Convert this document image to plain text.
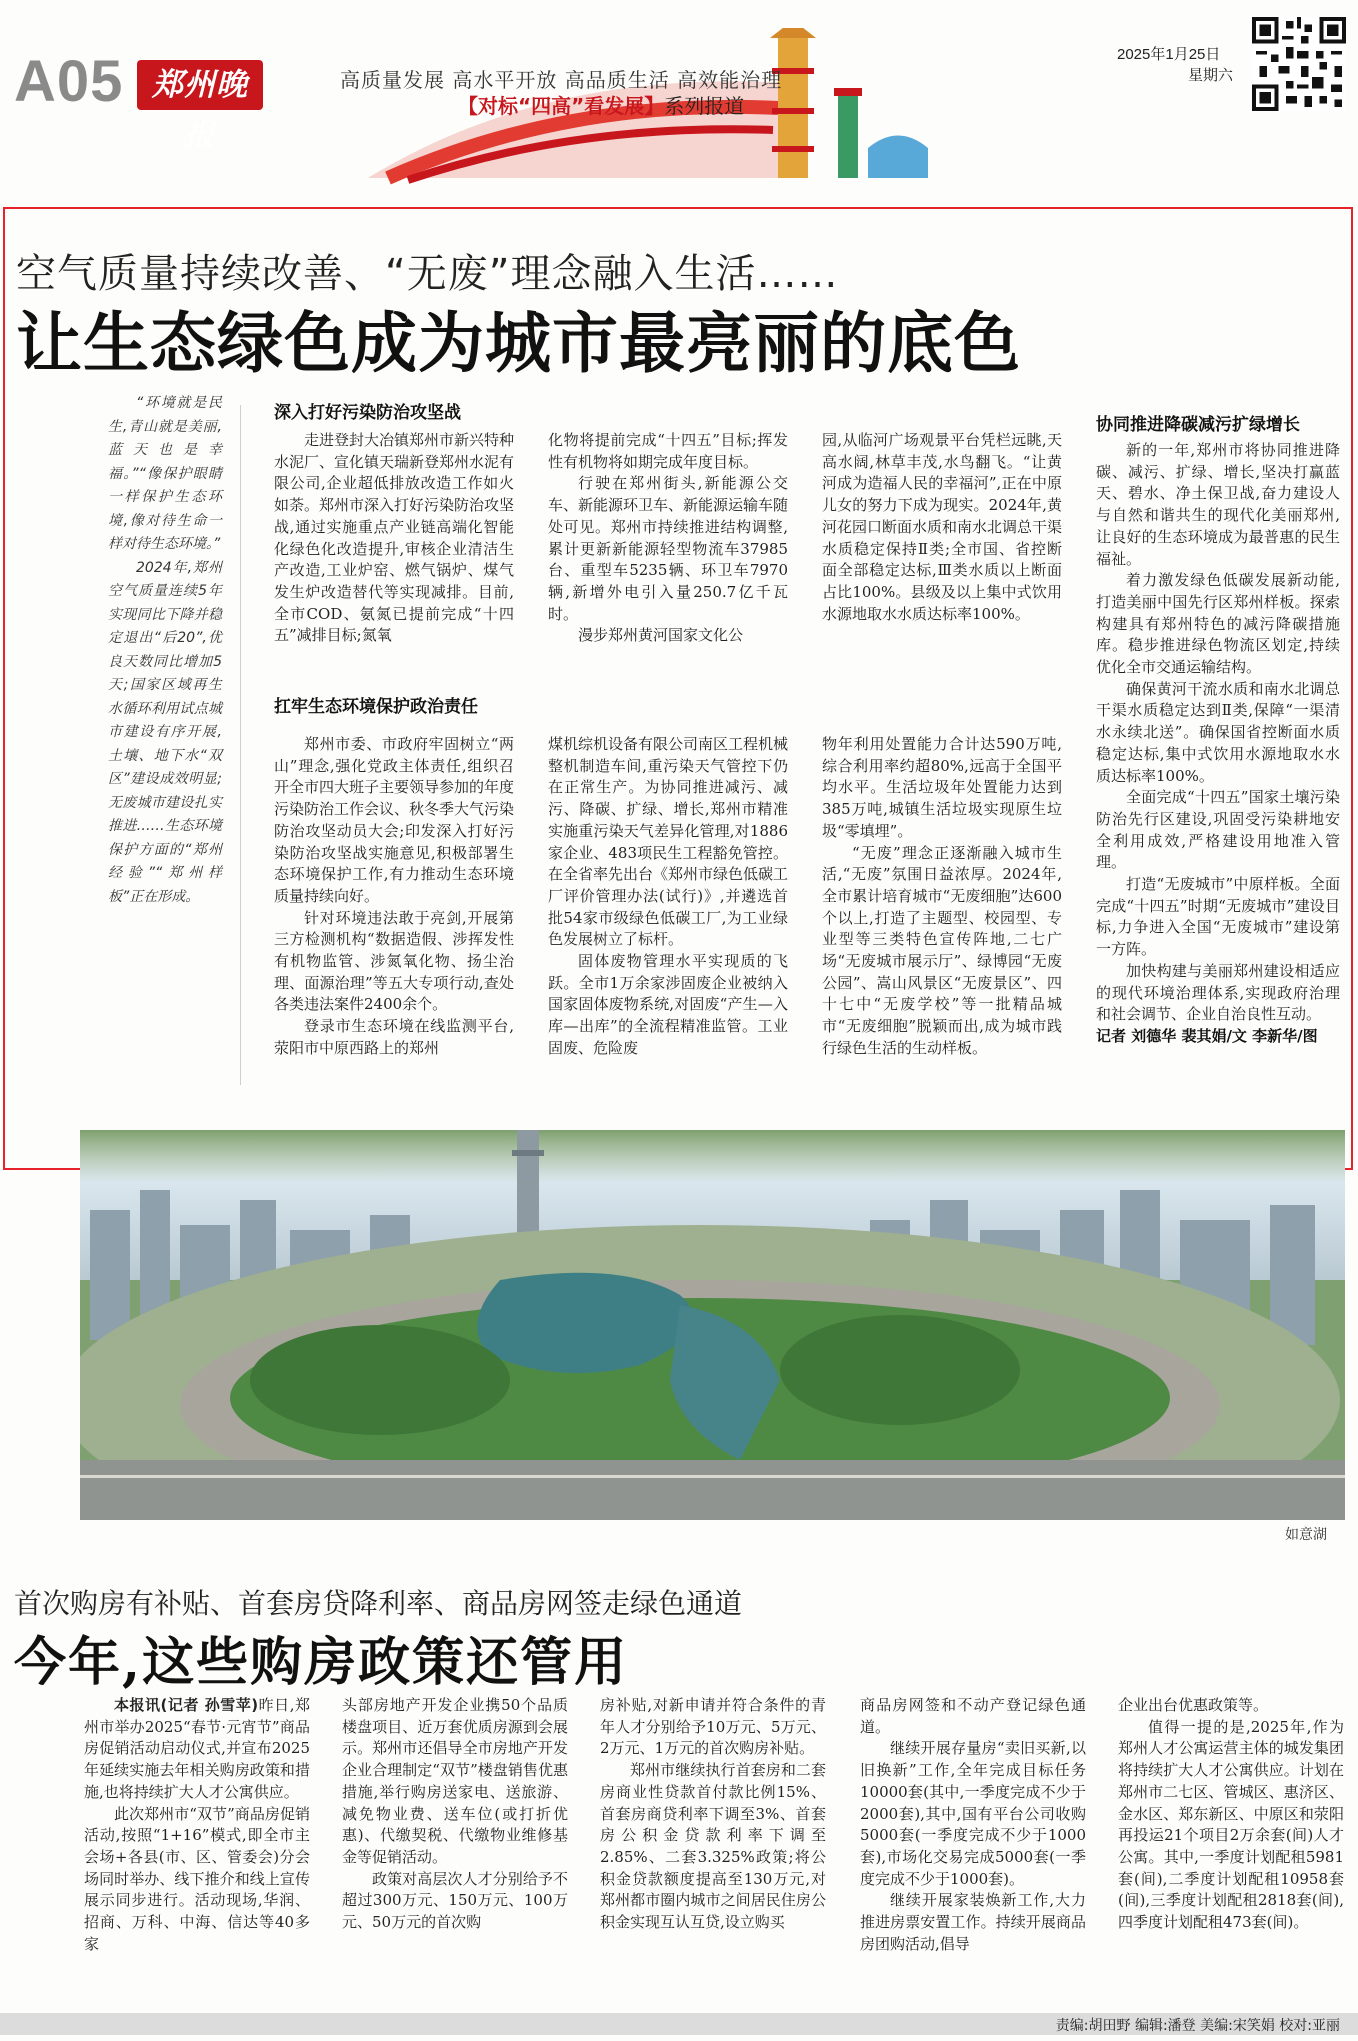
A05 郑州晚报
高质量发展 高水平开放 高品质生活 高效能治理
【对标“四高”看发展】系列报道
2025年1月25日
星期六
空气质量持续改善、“无废”理念融入生活……
让生态绿色成为城市最亮丽的底色

“环境就是民生,青山就是美丽,蓝天也是幸福。”“像保护眼睛一样保护生态环境,像对待生命一样对待生态环境。”

2024年,郑州空气质量连续5年实现同比下降并稳定退出“后20”,优良天数同比增加5天;国家区域再生水循环利用试点城市建设有序开展,土壤、地下水“双区”建设成效明显;无废城市建设扎实推进……生态环境保护方面的“郑州经验”“郑州样板”正在形成。

深入打好污染防治攻坚战

走进登封大冶镇郑州市新兴特种水泥厂、宣化镇天瑞新登郑州水泥有限公司,企业超低排放改造工作如火如荼。郑州市深入打好污染防治攻坚战,通过实施重点产业链高端化智能化绿色化改造提升,审核企业清洁生产改造,工业炉窑、燃气锅炉、煤气发生炉改造替代等实现减排。目前,全市COD、氨氮已提前完成“十四五”减排目标;氮氧

化物将提前完成“十四五”目标;挥发性有机物将如期完成年度目标。

行驶在郑州街头,新能源公交车、新能源环卫车、新能源运输车随处可见。郑州市持续推进结构调整,累计更新新能源轻型物流车37985台、重型车5235辆、环卫车7970辆,新增外电引入量250.7亿千瓦时。

漫步郑州黄河国家文化公

园,从临河广场观景平台凭栏远眺,天高水阔,林草丰茂,水鸟翻飞。“让黄河成为造福人民的幸福河”,正在中原儿女的努力下成为现实。2024年,黄河花园口断面水质和南水北调总干渠水质稳定保持Ⅱ类;全市国、省控断面全部稳定达标,Ⅲ类水质以上断面占比100%。县级及以上集中式饮用水源地取水水质达标率100%。

扛牢生态环境保护政治责任

郑州市委、市政府牢固树立“两山”理念,强化党政主体责任,组织召开全市四大班子主要领导参加的年度污染防治工作会议、秋冬季大气污染防治攻坚动员大会;印发深入打好污染防治攻坚战实施意见,积极部署生态环境保护工作,有力推动生态环境质量持续向好。

针对环境违法敢于亮剑,开展第三方检测机构“数据造假、涉挥发性有机物监管、涉氮氧化物、扬尘治理、面源治理”等五大专项行动,查处各类违法案件2400余个。

登录市生态环境在线监测平台,荥阳市中原西路上的郑州

煤机综机设备有限公司南区工程机械整机制造车间,重污染天气管控下仍在正常生产。为协同推进减污、减污、降碳、扩绿、增长,郑州市精准实施重污染天气差异化管理,对1886家企业、483项民生工程豁免管控。在全省率先出台《郑州市绿色低碳工厂评价管理办法(试行)》,并遴选首批54家市级绿色低碳工厂,为工业绿色发展树立了标杆。

固体废物管理水平实现质的飞跃。全市1万余家涉固废企业被纳入国家固体废物系统,对固废“产生—入库—出库”的全流程精准监管。工业固废、危险废

物年利用处置能力合计达590万吨,综合利用率约超80%,远高于全国平均水平。生活垃圾年处置能力达到385万吨,城镇生活垃圾实现原生垃圾“零填埋”。

“无废”理念正逐渐融入城市生活,“无废”氛围日益浓厚。2024年,全市累计培育城市“无废细胞”达600个以上,打造了主题型、校园型、专业型等三类特色宣传阵地,二七广场“无废城市展示厅”、绿博园“无废公园”、嵩山风景区“无废景区”、四十七中“无废学校”等一批精品城市“无废细胞”脱颖而出,成为城市践行绿色生活的生动样板。

协同推进降碳减污扩绿增长

新的一年,郑州市将协同推进降碳、减污、扩绿、增长,坚决打赢蓝天、碧水、净土保卫战,奋力建设人与自然和谐共生的现代化美丽郑州,让良好的生态环境成为最普惠的民生福祉。

着力激发绿色低碳发展新动能,打造美丽中国先行区郑州样板。探索构建具有郑州特色的减污降碳措施库。稳步推进绿色物流区划定,持续优化全市交通运输结构。

确保黄河干流水质和南水北调总干渠水质稳定达到Ⅱ类,保障“一渠清水永续北送”。确保国省控断面水质稳定达标,集中式饮用水源地取水水质达标率100%。

全面完成“十四五”国家土壤污染防治先行区建设,巩固受污染耕地安全利用成效,严格建设用地准入管理。

打造“无废城市”中原样板。全面完成“十四五”时期“无废城市”建设目标,力争进入全国“无废城市”建设第一方阵。

加快构建与美丽郑州建设相适应的现代环境治理体系,实现政府治理和社会调节、企业自治良性互动。

记者 刘德华 裴其娟/文 李新华/图

如意湖
首次购房有补贴、首套房贷降利率、商品房网签走绿色通道
今年,这些购房政策还管用

本报讯(记者 孙雪苹)昨日,郑州市举办2025“春节·元宵节”商品房促销活动启动仪式,并宣布2025年延续实施去年相关购房政策和措施,也将持续扩大人才公寓供应。

此次郑州市“双节”商品房促销活动,按照“1+16”模式,即全市主会场+各县(市、区、管委会)分会场同时举办、线下推介和线上宣传展示同步进行。活动现场,华润、招商、万科、中海、信达等40多家

头部房地产开发企业携50个品质楼盘项目、近万套优质房源到会展示。郑州市还倡导全市房地产开发企业合理制定“双节”楼盘销售优惠措施,举行购房送家电、送旅游、减免物业费、送车位(或打折优惠)、代缴契税、代缴物业维修基金等促销活动。

政策对高层次人才分别给予不超过300万元、150万元、100万元、50万元的首次购

房补贴,对新申请并符合条件的青年人才分别给予10万元、5万元、2万元、1万元的首次购房补贴。

郑州市继续执行首套房和二套房商业性贷款首付款比例15%、首套房商贷利率下调至3%、首套房公积金贷款利率下调至2.85%、二套3.325%政策;将公积金贷款额度提高至130万元,对郑州都市圈内城市之间居民住房公积金实现互认互贷,设立购买

商品房网签和不动产登记绿色通道。

继续开展存量房“卖旧买新,以旧换新”工作,全年完成目标任务10000套(其中,一季度完成不少于2000套),其中,国有平台公司收购5000套(一季度完成不少于1000套),市场化交易完成5000套(一季度完成不少于1000套)。

继续开展家装焕新工作,大力推进房票安置工作。持续开展商品房团购活动,倡导

企业出台优惠政策等。

值得一提的是,2025年,作为郑州人才公寓运营主体的城发集团将持续扩大人才公寓供应。计划在郑州市二七区、管城区、惠济区、金水区、郑东新区、中原区和荥阳再投运21个项目2万余套(间)人才公寓。其中,一季度计划配租5981套(间),二季度计划配租10958套(间),三季度计划配租2818套(间),四季度计划配租473套(间)。

责编:胡田野 编辑:潘登 美编:宋笑娟 校对:亚丽
